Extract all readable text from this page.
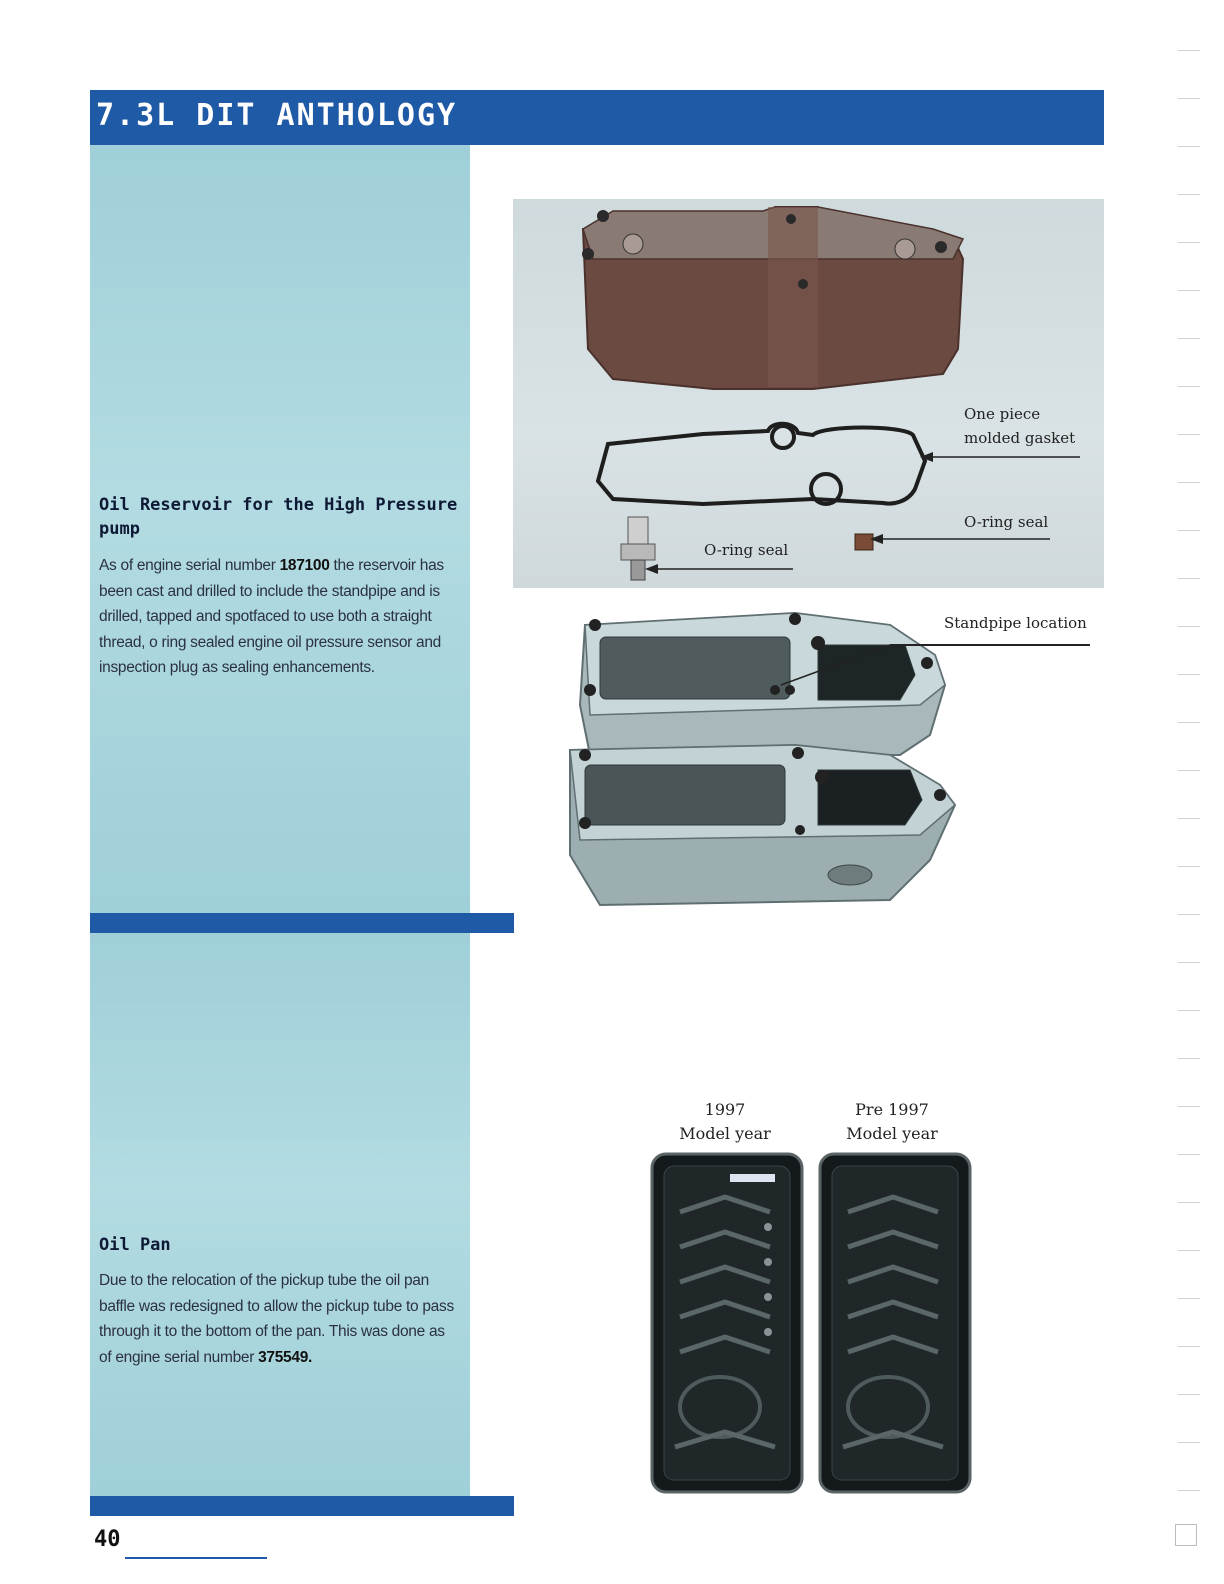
7.3L DIT ANTHOLOGY
Oil Reservoir for the High Pressure pump
As of engine serial number 187100 the reservoir has been cast and drilled to include the standpipe and is drilled, tapped and spotfaced to use both a straight thread, o ring sealed engine oil pressure sensor and inspection plug as sealing enhancements.
Oil Pan
Due to the relocation of the pickup tube the oil pan baffle was redesigned to allow the pickup tube to pass through it to the bottom of the pan. This was done as of engine serial number 375549.
One piece
molded gasket
O-ring seal
O-ring seal
Standpipe location
1997
Model year
Pre 1997
Model year
40
